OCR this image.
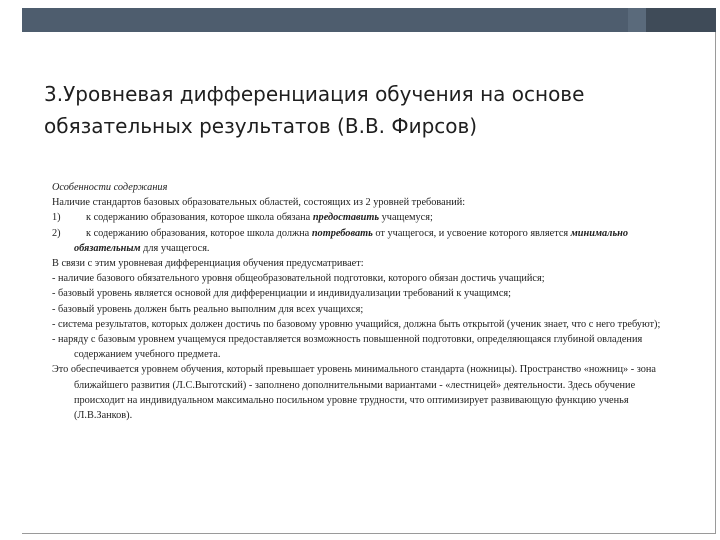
3.Уровневая дифференциация обучения на основе обязательных результатов (В.В. Фирсов)

Особенности содержания

Наличие стандартов базовых образовательных областей, состоящих из 2 уровней требований:

1) к содержанию образования, которое школа обязана предоставить учащемуся;

2) к содержанию образования, которое школа должна потребовать от учащегося, и усвоение которого является минимально обязательным для учащегося.

В связи с этим уровневая дифференциация обучения предусматривает:

- наличие базового обязательного уровня общеобразовательной подготовки, которого обязан достичь учащийся;

- базовый уровень является основой для дифференциации и индивидуализации требований к учащимся;

- базовый уровень должен быть реально выполним для всех учащихся;

- система результатов, которых должен достичь по базовому уровню учащийся, должна быть открытой (ученик знает, что с него требуют);

- наряду с базовым уровнем учащемуся предоставляется возможность повышенной подготовки, определяющаяся глубиной овладения содержанием учебного предмета.

Это обеспечивается уровнем обучения, который превышает уровень минимального стандарта (ножницы). Пространство «ножниц» - зона ближайшего развития (Л.С.Выготский) - заполнено дополнительными вариантами - «лестницей» деятельности. Здесь обучение происходит на индивидуальном максимально посильном уровне трудности, что оптимизирует развивающую функцию ученья (Л.В.Занков).
